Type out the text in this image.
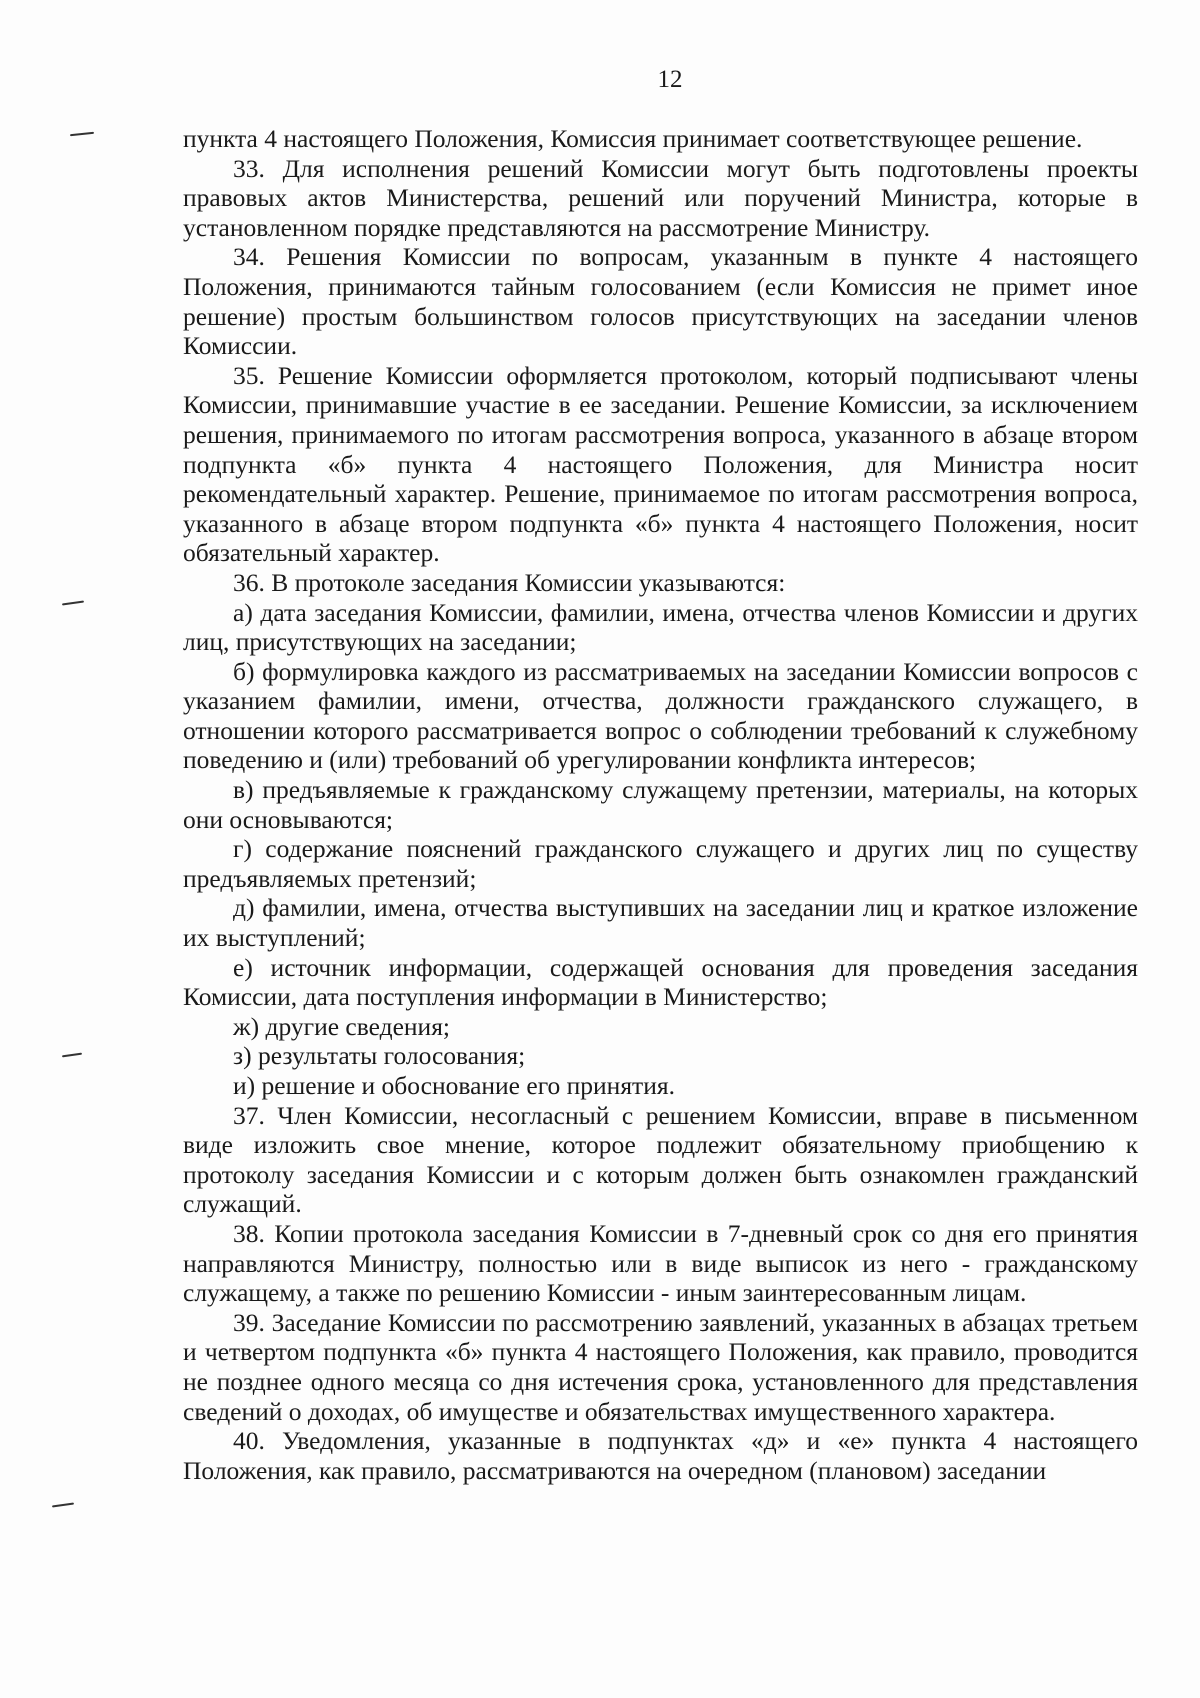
12

пункта 4 настоящего Положения, Комиссия принимает соответствующее решение.

33. Для исполнения решений Комиссии могут быть подготовлены проекты правовых актов Министерства, решений или поручений Министра, которые в установленном порядке представляются на рассмотрение Министру.

34. Решения Комиссии по вопросам, указанным в пункте 4 настоящего Положения, принимаются тайным голосованием (если Комиссия не примет иное решение) простым большинством голосов присутствующих на заседании членов Комиссии.

35. Решение Комиссии оформляется протоколом, который подписывают члены Комиссии, принимавшие участие в ее заседании. Решение Комиссии, за исключением решения, принимаемого по итогам рассмотрения вопроса, указанного в абзаце втором подпункта «б» пункта 4 настоящего Положения, для Министра носит рекомендательный характер. Решение, принимаемое по итогам рассмотрения вопроса, указанного в абзаце втором подпункта «б» пункта 4 настоящего Положения, носит обязательный характер.

36. В протоколе заседания Комиссии указываются:

а) дата заседания Комиссии, фамилии, имена, отчества членов Комиссии и других лиц, присутствующих на заседании;

б) формулировка каждого из рассматриваемых на заседании Комиссии вопросов с указанием фамилии, имени, отчества, должности гражданского служащего, в отношении которого рассматривается вопрос о соблюдении требований к служебному поведению и (или) требований об урегулировании конфликта интересов;

в) предъявляемые к гражданскому служащему претензии, материалы, на которых они основываются;

г) содержание пояснений гражданского служащего и других лиц по существу предъявляемых претензий;

д) фамилии, имена, отчества выступивших на заседании лиц и краткое изложение их выступлений;

е) источник информации, содержащей основания для проведения заседания Комиссии, дата поступления информации в Министерство;

ж) другие сведения;

з) результаты голосования;

и) решение и обоснование его принятия.

37. Член Комиссии, несогласный с решением Комиссии, вправе в письменном виде изложить свое мнение, которое подлежит обязательному приобщению к протоколу заседания Комиссии и с которым должен быть ознакомлен гражданский служащий.

38. Копии протокола заседания Комиссии в 7-дневный срок со дня его принятия направляются Министру, полностью или в виде выписок из него - гражданскому служащему, а также по решению Комиссии - иным заинтересованным лицам.

39. Заседание Комиссии по рассмотрению заявлений, указанных в абзацах третьем и четвертом подпункта «б» пункта 4 настоящего Положения, как правило, проводится не позднее одного месяца со дня истечения срока, установленного для представления сведений о доходах, об имуществе и обязательствах имущественного характера.

40. Уведомления, указанные в подпунктах «д» и «е» пункта 4 настоящего Положения, как правило, рассматриваются на очередном (плановом) заседании
